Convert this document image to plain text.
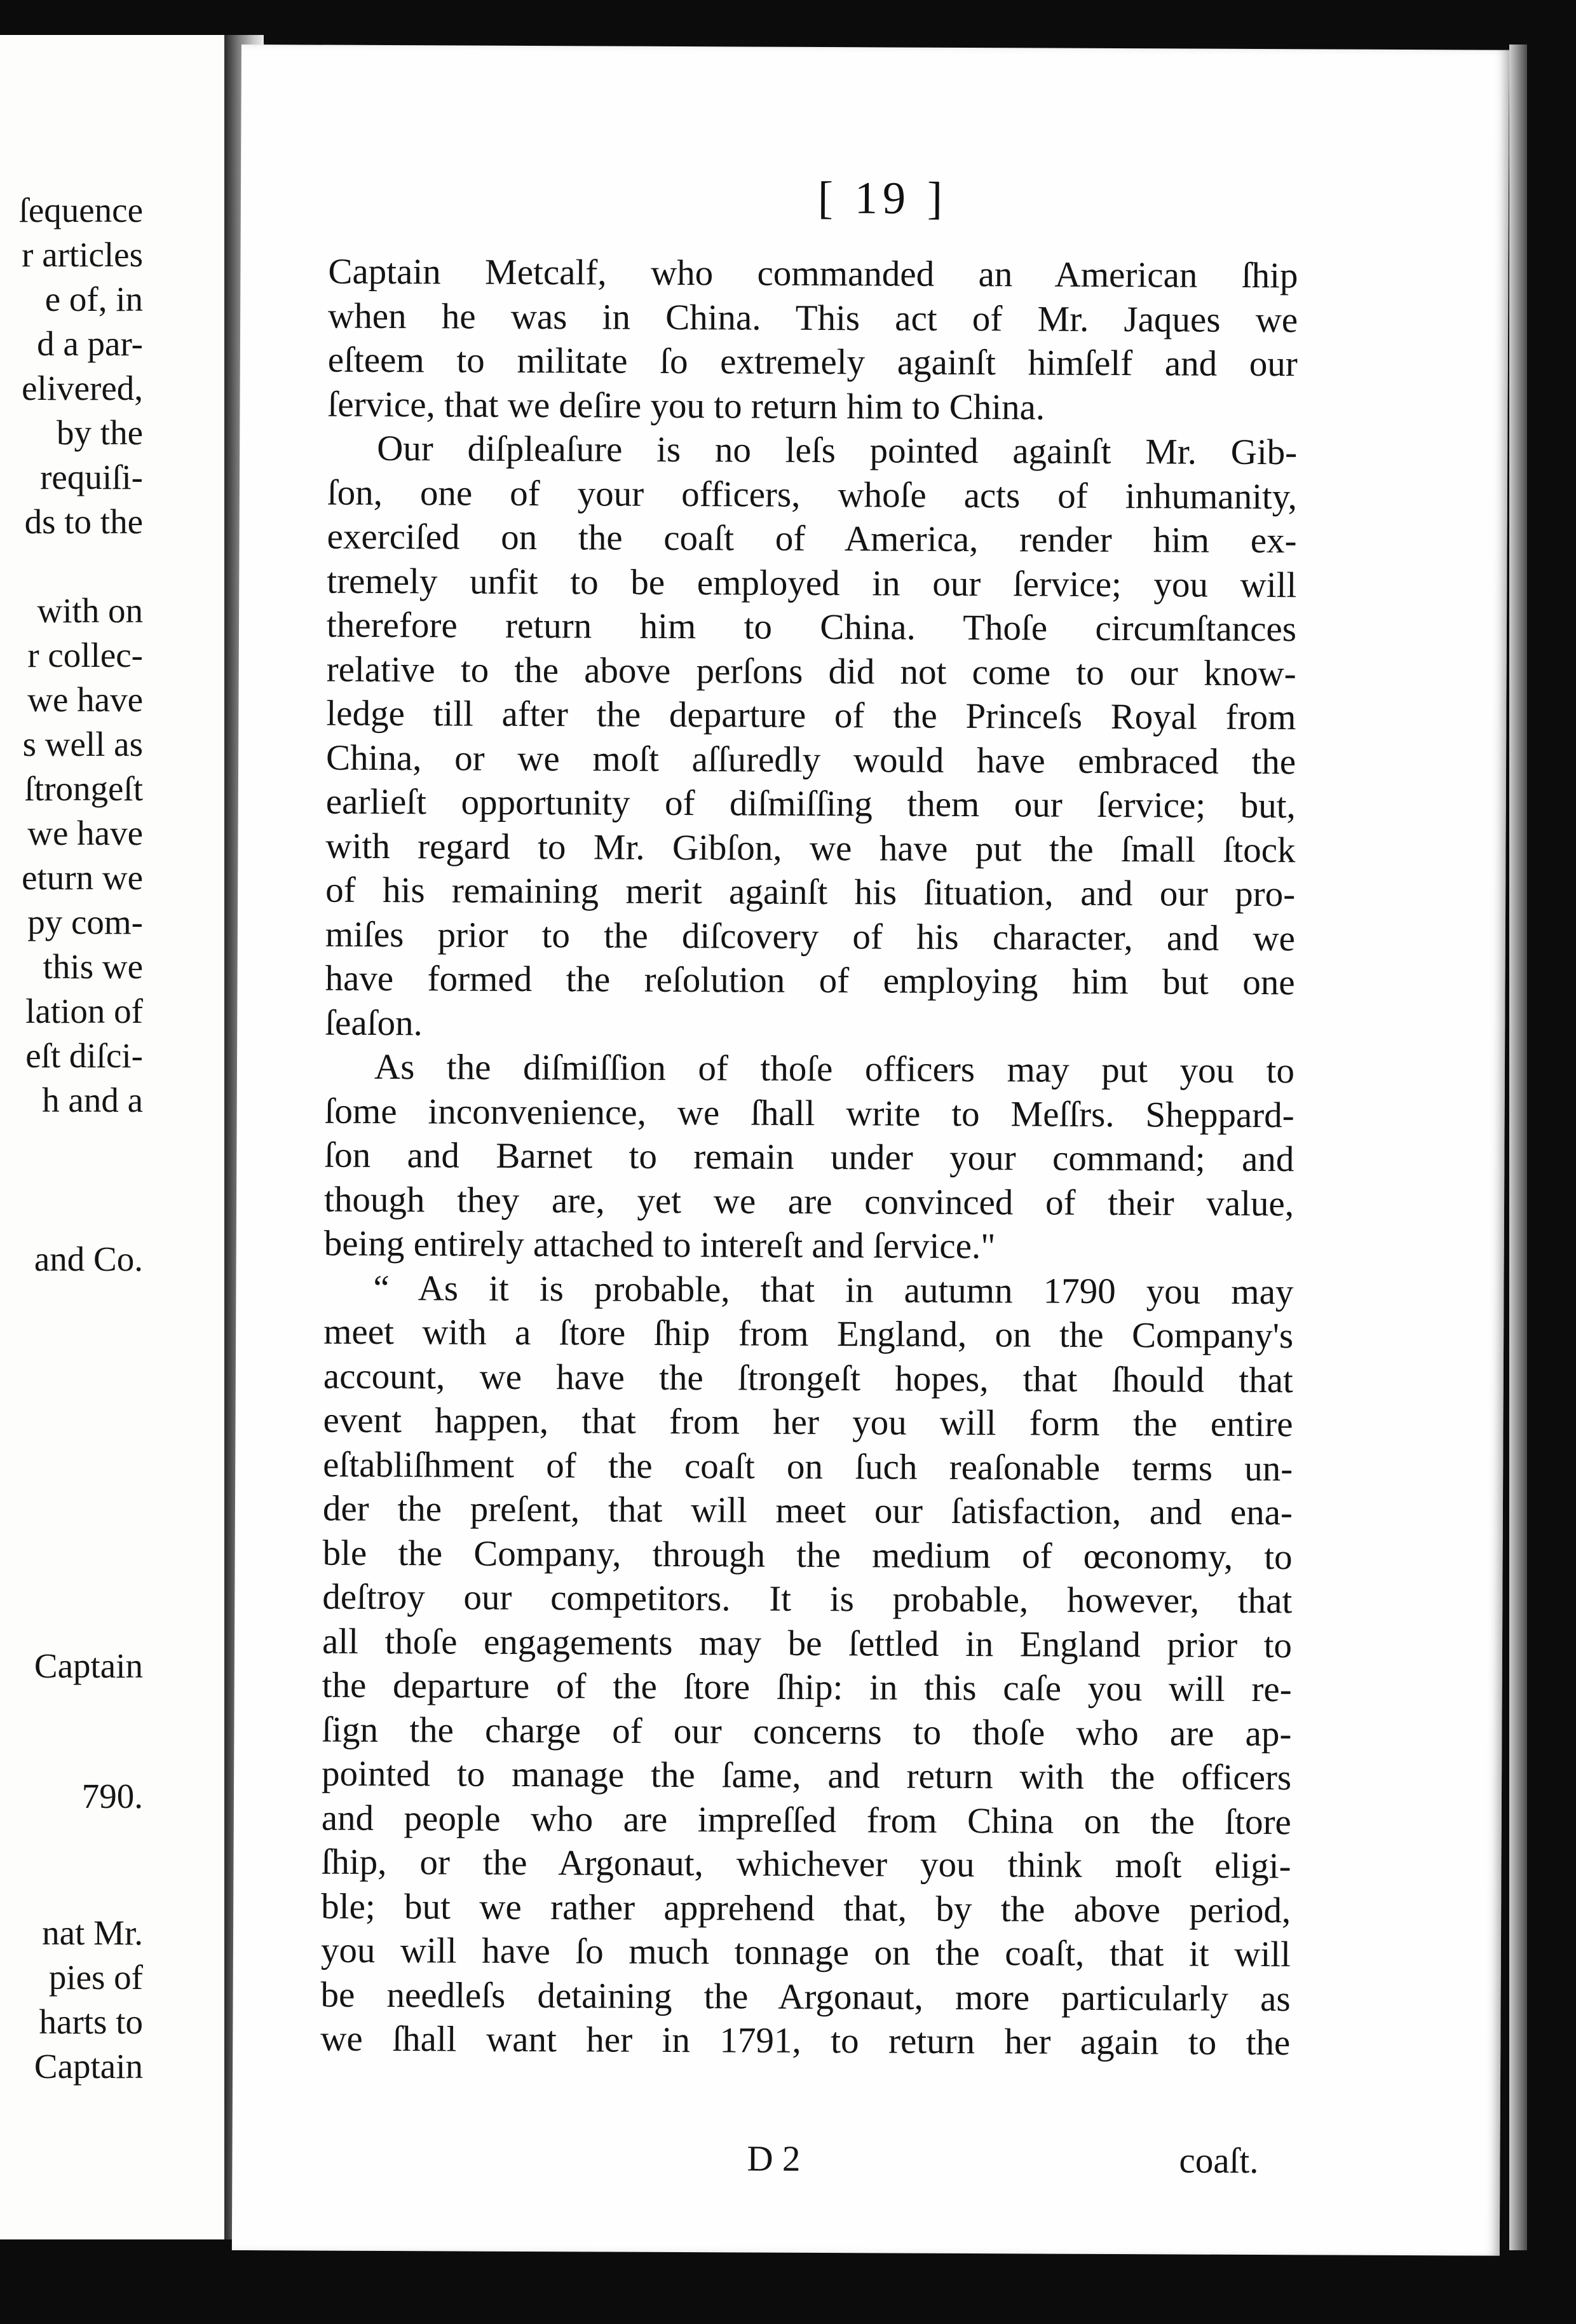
ſequence
r articles
e of, in
d a par-
elivered,
by the
requiſi-
ds to the
with on
r collec-
we have
s well as
ſtrongeſt
we have
eturn we
py com-
this we
lation of
eſt diſci-
h and a
and Co.
Captain
790.
nat Mr.
pies of
harts to
Captain
[ 19 ]
Captain Metcalf, who commanded an American ſhip
when he was in China. This act of Mr. Jaques we
eſteem to militate ſo extremely againſt himſelf and our
ſervice, that we deſire you to return him to China.
Our diſpleaſure is no leſs pointed againſt Mr. Gib-
ſon, one of your officers, whoſe acts of inhumanity,
exerciſed on the coaſt of America, render him ex-
tremely unfit to be employed in our ſervice; you will
therefore return him to China. Thoſe circumſtances
relative to the above perſons did not come to our know-
ledge till after the departure of the Princeſs Royal from
China, or we moſt aſſuredly would have embraced the
earlieſt opportunity of diſmiſſing them our ſervice; but,
with regard to Mr. Gibſon, we have put the ſmall ſtock
of his remaining merit againſt his ſituation, and our pro-
miſes prior to the diſcovery of his character, and we
have formed the reſolution of employing him but one
ſeaſon.
As the diſmiſſion of thoſe officers may put you to
ſome inconvenience, we ſhall write to Meſſrs. Sheppard-
ſon and Barnet to remain under your command; and
though they are, yet we are convinced of their value,
being entirely attached to intereſt and ſervice."
“ As it is probable, that in autumn 1790 you may
meet with a ſtore ſhip from England, on the Company's
account, we have the ſtrongeſt hopes, that ſhould that
event happen, that from her you will form the entire
eſtabliſhment of the coaſt on ſuch reaſonable terms un-
der the preſent, that will meet our ſatisfaction, and ena-
ble the Company, through the medium of œconomy, to
deſtroy our competitors. It is probable, however, that
all thoſe engagements may be ſettled in England prior to
the departure of the ſtore ſhip: in this caſe you will re-
ſign the charge of our concerns to thoſe who are ap-
pointed to manage the ſame, and return with the officers
and people who are impreſſed from China on the ſtore
ſhip, or the Argonaut, whichever you think moſt eligi-
ble; but we rather apprehend that, by the above period,
you will have ſo much tonnage on the coaſt, that it will
be needleſs detaining the Argonaut, more particularly as
we ſhall want her in 1791, to return her again to the
D 2	coaſt.
